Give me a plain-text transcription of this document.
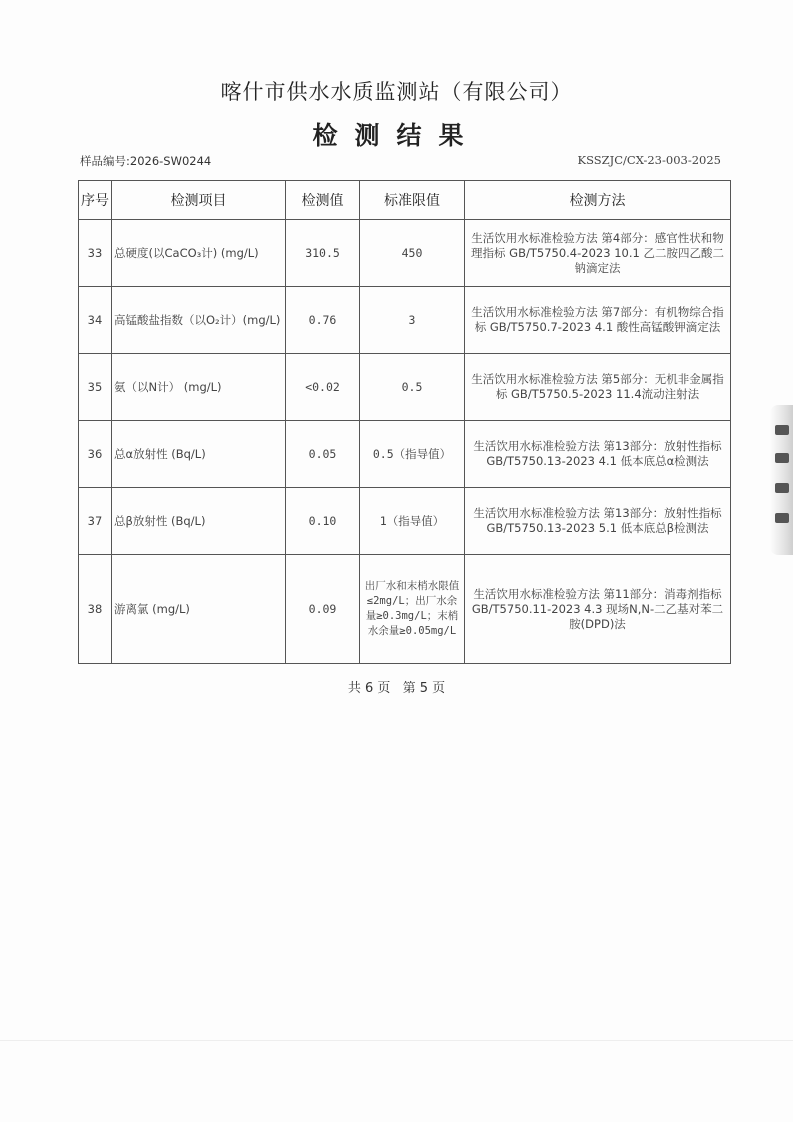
喀什市供水水质监测站（有限公司）
检测结果
样品编号:2026-SW0244	KSSZJC/CX-23-003-2025
序号	检测项目	检测值	标准限值	检测方法
33	总硬度(以CaCO₃计) (mg/L)	310.5	450	生活饮用水标准检验方法 第4部分：感官性状和物理指标 GB/T5750.4-2023 10.1 乙二胺四乙酸二钠滴定法
34	高锰酸盐指数（以O₂计）(mg/L)	0.76	3	生活饮用水标准检验方法 第7部分：有机物综合指标 GB/T5750.7-2023 4.1 酸性高锰酸钾滴定法
35	氨（以N计） (mg/L)	<0.02	0.5	生活饮用水标准检验方法 第5部分：无机非金属指标 GB/T5750.5-2023 11.4流动注射法
36	总α放射性 (Bq/L)	0.05	0.5（指导值）	生活饮用水标准检验方法 第13部分：放射性指标GB/T5750.13-2023 4.1 低本底总α检测法
37	总β放射性 (Bq/L)	0.10	1（指导值）	生活饮用水标准检验方法 第13部分：放射性指标GB/T5750.13-2023 5.1 低本底总β检测法
38	游离氯 (mg/L)	0.09	出厂水和末梢水限值≤2mg/L；出厂水余量≥0.3mg/L；末梢水余量≥0.05mg/L	生活饮用水标准检验方法 第11部分：消毒剂指标 GB/T5750.11-2023 4.3 现场N,N-二乙基对苯二胺(DPD)法
共 6 页 第 5 页
